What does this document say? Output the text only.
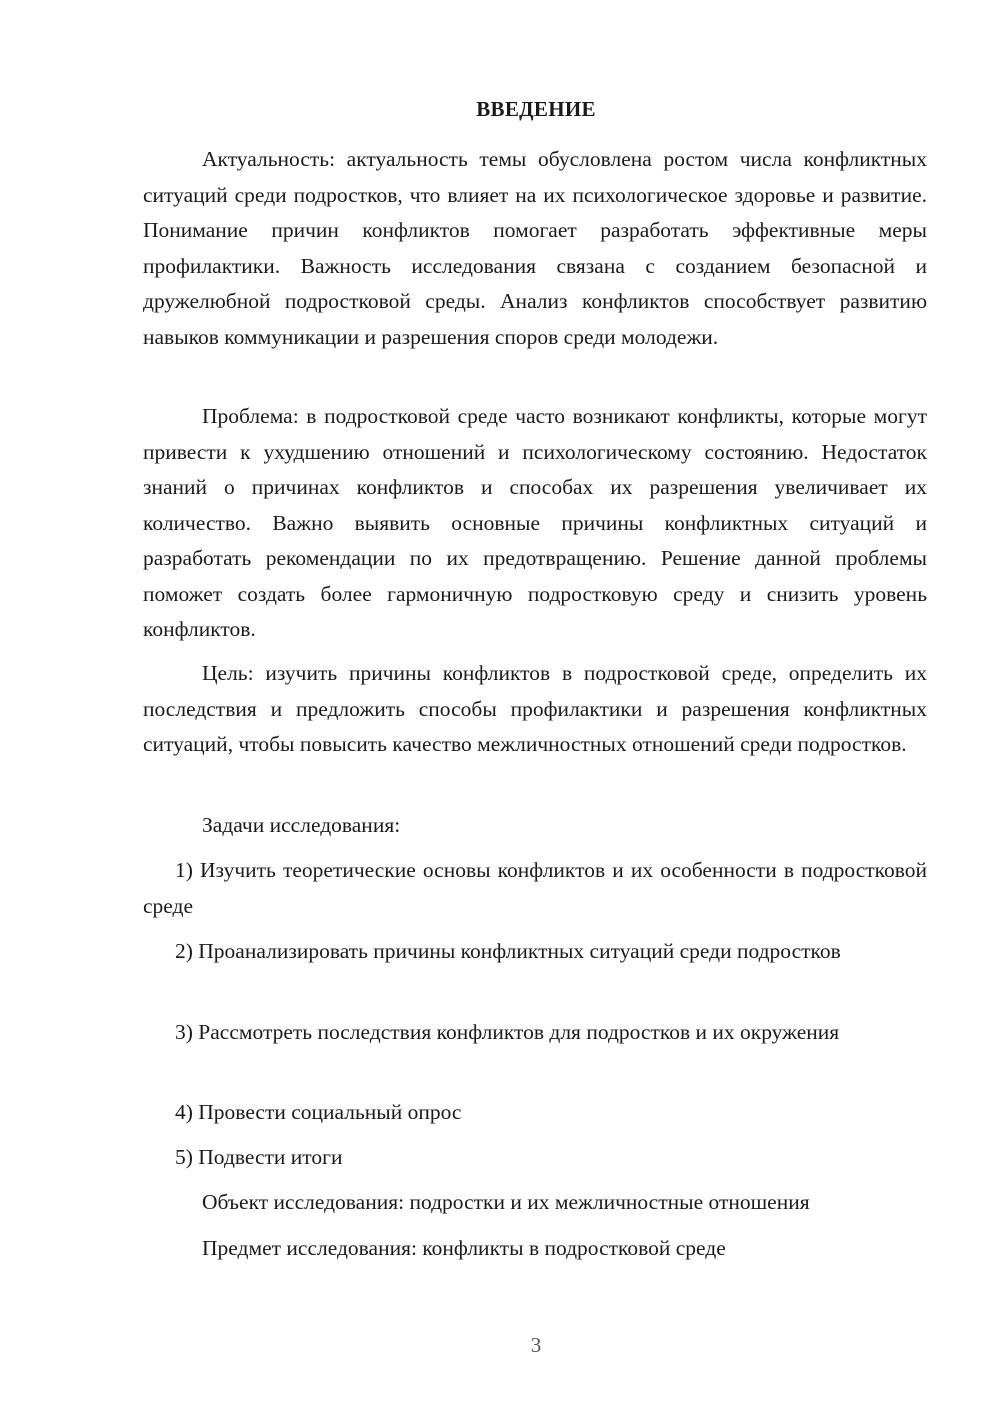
ВВЕДЕНИЕ
Актуальность: актуальность темы обусловлена ростом числа конфликтных ситуаций среди подростков, что влияет на их психологическое здоровье и развитие. Понимание причин конфликтов помогает разработать эффективные меры профилактики. Важность исследования связана с созданием безопасной и дружелюбной подростковой среды. Анализ конфликтов способствует развитию навыков коммуникации и разрешения споров среди молодежи.
Проблема: в подростковой среде часто возникают конфликты, которые могут привести к ухудшению отношений и психологическому состоянию. Недостаток знаний о причинах конфликтов и способах их разрешения увеличивает их количество. Важно выявить основные причины конфликтных ситуаций и разработать рекомендации по их предотвращению. Решение данной проблемы поможет создать более гармоничную подростковую среду и снизить уровень конфликтов.
Цель: изучить причины конфликтов в подростковой среде, определить их последствия и предложить способы профилактики и разрешения конфликтных ситуаций, чтобы повысить качество межличностных отношений среди подростков.
Задачи исследования:
1) Изучить теоретические основы конфликтов и их особенности в подростковой среде
2) Проанализировать причины конфликтных ситуаций среди подростков
3) Рассмотреть последствия конфликтов для подростков и их окружения
4) Провести социальный опрос
5) Подвести итоги
Объект исследования: подростки и их межличностные отношения
Предмет исследования: конфликты в подростковой среде
3
